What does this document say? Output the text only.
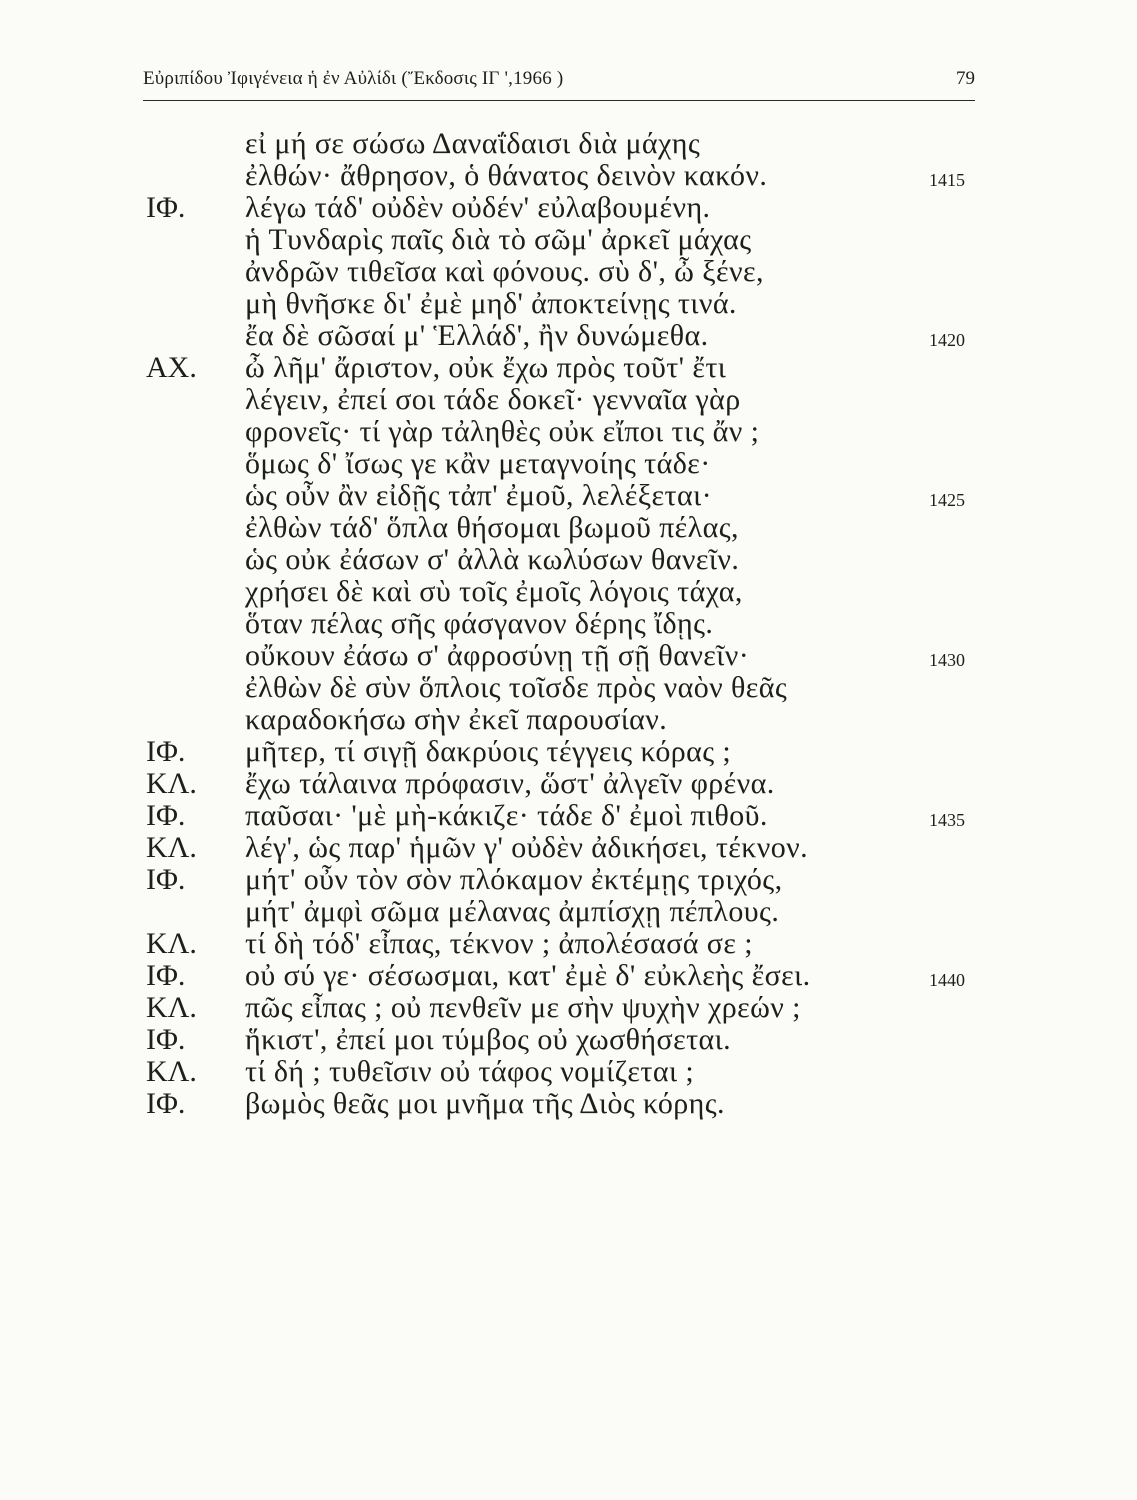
Εὐριπίδου Ἰφιγένεια ἡ ἐν Αὐλίδι (Ἔκδοσις ΙΓ ',1966 )	79
εἰ μή σε σώσω Δαναΐδαισι διὰ μάχης
ἐλθών· ἄθρησον, ὁ θάνατος δεινὸν κακόν.	1415
ΙΦ. λέγω τάδ' οὐδὲν οὐδέν' εὐλαβουμένη.
ἡ Τυνδαρὶς παῖς διὰ τὸ σῶμ' ἀρκεῖ μάχας
ἀνδρῶν τιθεῖσα καὶ φόνους. σὺ δ', ὦ ξένε,
μὴ θνῆσκε δι' ἐμὲ μηδ' ἀποκτείνῃς τινά.
ἔα δὲ σῶσαί μ' Ἑλλάδ', ἢν δυνώμεθα.	1420
ΑΧ. ὦ λῆμ' ἄριστον, οὐκ ἔχω πρὸς τοῦτ' ἔτι
λέγειν, ἐπεί σοι τάδε δοκεῖ· γενναῖα γὰρ
φρονεῖς· τί γὰρ τἀληθὲς οὐκ εἴποι τις ἄν ;
ὅμως δ' ἴσως γε κἂν μεταγνοίης τάδε·
ὡς οὖν ἂν εἰδῇς τἀπ' ἐμοῦ, λελέξεται·	1425
ἐλθὼν τάδ' ὅπλα θήσομαι βωμοῦ πέλας,
ὡς οὐκ ἐάσων σ' ἀλλὰ κωλύσων θανεῖν.
χρήσει δὲ καὶ σὺ τοῖς ἐμοῖς λόγοις τάχα,
ὅταν πέλας σῆς φάσγανον δέρης ἴδῃς.
οὔκουν ἐάσω σ' ἀφροσύνῃ τῇ σῇ θανεῖν·	1430
ἐλθὼν δὲ σὺν ὅπλοις τοῖσδε πρὸς ναὸν θεᾶς
καραδοκήσω σὴν ἐκεῖ παρουσίαν.
ΙΦ. μῆτερ, τί σιγῇ δακρύοις τέγγεις κόρας ;
ΚΛ. ἔχω τάλαινα πρόφασιν, ὥστ' ἀλγεῖν φρένα.
ΙΦ. παῦσαι· 'μὲ μὴ-κάκιζε· τάδε δ' ἐμοὶ πιθοῦ.	1435
ΚΛ. λέγ', ὡς παρ' ἡμῶν γ' οὐδὲν ἀδικήσει, τέκνον.
ΙΦ. μήτ' οὖν τὸν σὸν πλόκαμον ἐκτέμῃς τριχός,
μήτ' ἀμφὶ σῶμα μέλανας ἀμπίσχῃ πέπλους.
ΚΛ. τί δὴ τόδ' εἶπας, τέκνον ; ἀπολέσασά σε ;
ΙΦ. οὐ σύ γε· σέσωσμαι, κατ' ἐμὲ δ' εὐκλεὴς ἔσει.	1440
ΚΛ. πῶς εἶπας ; οὐ πενθεῖν με σὴν ψυχὴν χρεών ;
ΙΦ. ἥκιστ', ἐπεί μοι τύμβος οὐ χωσθήσεται.
ΚΛ. τί δή ; τυθεῖσιν οὐ τάφος νομίζεται ;
ΙΦ. βωμὸς θεᾶς μοι μνῆμα τῆς Διὸς κόρης.
